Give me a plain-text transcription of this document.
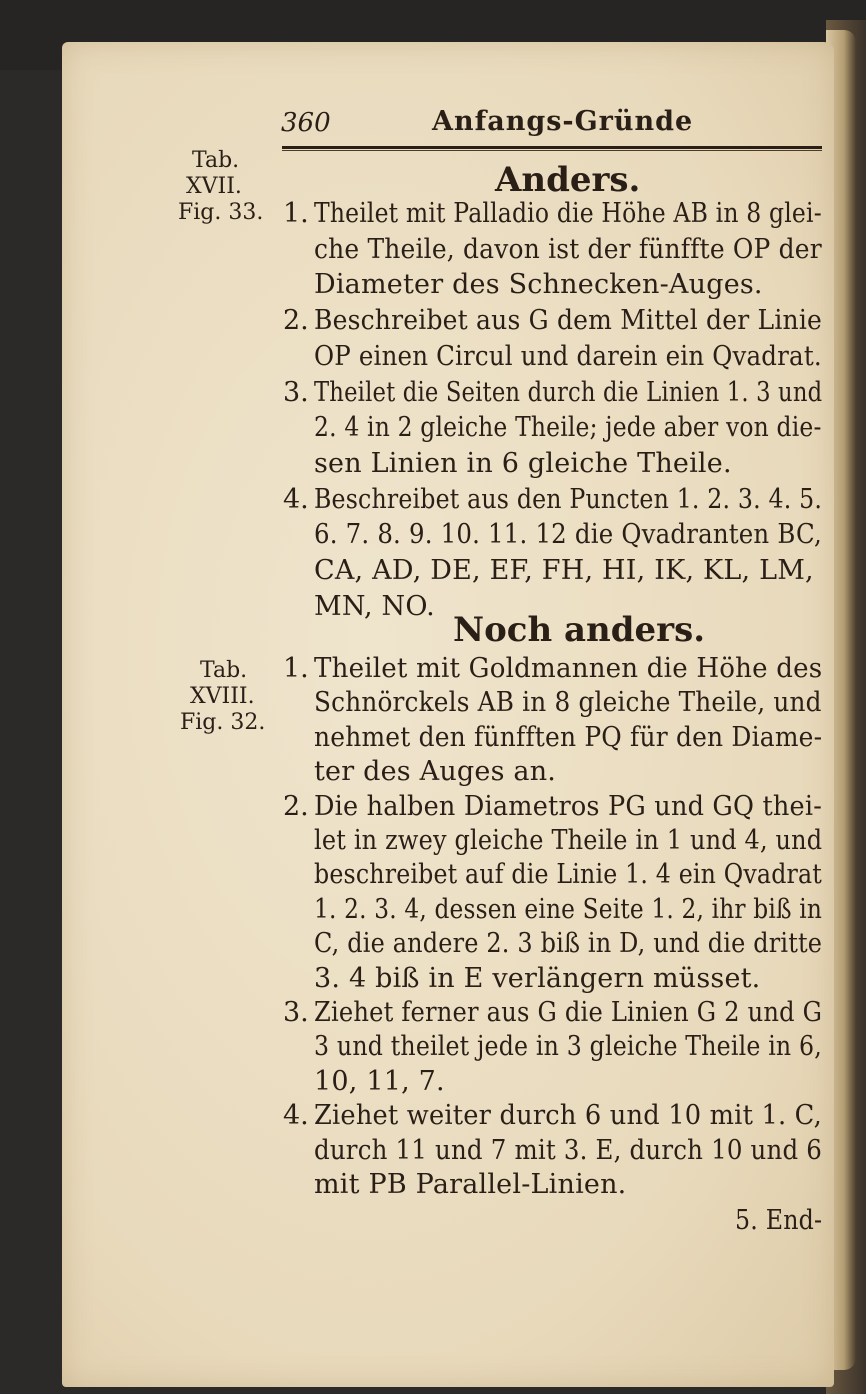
360	Anfangs-Gründe
Anders.
Tab.
XVII.
Fig. 33. 1. Theilet mit Palladio die Höhe AB in 8 glei-
che Theile, davon ist der fünffte OP der
Diameter des Schnecken-Auges.
2. Beschreibet aus G dem Mittel der Linie
OP einen Circul und darein ein Qvadrat.
3. Theilet die Seiten durch die Linien 1. 3 und
2. 4 in 2 gleiche Theile; jede aber von die-
sen Linien in 6 gleiche Theile.
4. Beschreibet aus den Puncten 1. 2. 3. 4. 5.
6. 7. 8. 9. 10. 11. 12 die Qvadranten BC,
CA, AD, DE, EF, FH, HI, IK, KL, LM,
MN, NO.
Noch anders.
Tab.
XVIII.
Fig. 32.
1. Theilet mit Goldmannen die Höhe des
Schnörckels AB in 8 gleiche Theile, und
nehmet den fünfften PQ für den Diame-
ter des Auges an.
2. Die halben Diametros PG und GQ thei-
let in zwey gleiche Theile in 1 und 4, und
beschreibet auf die Linie 1. 4 ein Qvadrat
1. 2. 3. 4, dessen eine Seite 1. 2, ihr biß in
C, die andere 2. 3 biß in D, und die dritte
3. 4 biß in E verlängern müsset.
3. Ziehet ferner aus G die Linien G 2 und G
3 und theilet jede in 3 gleiche Theile in 6,
10, 11, 7.
4. Ziehet weiter durch 6 und 10 mit 1. C,
durch 11 und 7 mit 3. E, durch 10 und 6
mit PB Parallel-Linien.
5. End-
